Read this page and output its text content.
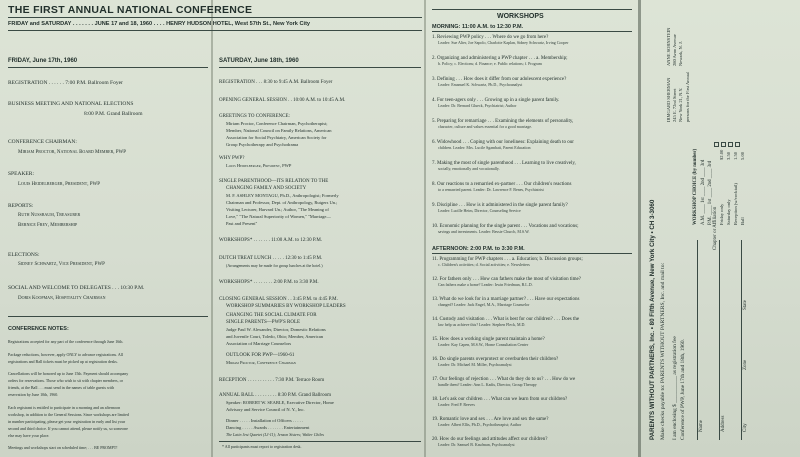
THE FIRST ANNUAL NATIONAL CONFERENCE
FRIDAY and SATURDAY . . . . . . . JUNE 17 and 18, 1960 . . . . HENRY HUDSON HOTEL, West 57th St., New York City
FRIDAY, June 17th, 1960
REGISTRATION . . . . . . 7:00 P.M. Ballroom Foyer
BUSINESS MEETING AND NATIONAL ELECTIONS
8:00 P.M. Grand Ballroom
CONFERENCE CHAIRMAN:
Miriam Proctor, National Board Member, PWP
SPEAKER:
Louis Heidelberger, President, PWP
REPORTS:
Ruth Nussbaum, Treasurer
Bernice Frey, Membership
ELECTIONS:
Sidney Schwartz, Vice President, PWP
SOCIAL AND WELCOME TO DELEGATES . . . 10:30 P.M.
Doris Koopman, Hospitality Chairman
CONFERENCE NOTES:
Registrations accepted for any part of the conference through June 16th.
Package reductions, however, apply ONLY to advance registrations. All
registrations and Ball tickets must be picked up at registration desks.
Cancellations will be honored up to June 15th. Payment should accompany
orders for reservations. Those who wish to sit with chapter members, or
friends, at the Ball . . . must send in the names of table guests with
reservation by June 10th, 1960.
Each registrant is entitled to participate in a morning and an afternoon
workshop, in addition to the General Sessions. Since workshops are limited
in number participating, please get your registration in early and list your
second and third choice. If you cannot attend, please notify us, so someone
else may have your place.
Meetings and workshops start on scheduled time; . . . BE PROMPT!
SATURDAY, June 18th, 1960
REGISTRATION . . . 8:30 to 9:45 A.M. Ballroom Foyer
OPENING GENERAL SESSION . . 10:00 A.M. to 10:45 A.M.
GREETINGS TO CONFERENCE:
Miriam Proctor, Conference Chairman, Psychotherapist;
Member, National Council on Family Relations, American
Association for Social Psychiatry, American Society for
Group Psychotherapy and Psychodrama
WHY PWP?
Louis Heidelberger, President, PWP
SINGLE PARENTHOOD—ITS RELATION TO THE
CHANGING FAMILY AND SOCIETY
M. F. ASHLEY MONTAGU, Ph.D., Anthropologist; Formerly
Chairman and Professor, Dept. of Anthropology, Rutgers Un.;
Visiting Lecturer, Harvard Un.; Author, "The Meaning of
Love," "The Natural Superiority of Women," "Marriage—
Past and Present"
WORKSHOPS* . . . . . . . 11:00 A.M. to 12:30 P.M.
DUTCH TREAT LUNCH . . . . . 12:30 to 1:45 P.M.
(Arrangements may be made for group lunches at the hotel.)
WORKSHOPS* . . . . . . . . 2:00 P.M. to 3:30 P.M.
CLOSING GENERAL SESSION . . 3:45 P.M. to 4:45 P.M.
WORKSHOP SUMMARIES BY WORKSHOP LEADERS
CHANGING THE SOCIAL CLIMATE FOR
SINGLE PARENTS—PWP'S ROLE
Judge Paul W. Alexander, Director, Domestic Relations
and Juvenile Court, Toledo, Ohio; Member, American
Association of Marriage Counselors
OUTLOOK FOR PWP—1960-61
Miriam Proctor, Conference Chairman
RECEPTION . . . . . . . . . . . 7:30 P.M. Terrace Room
ANNUAL BALL . . . . . . . . . 8:30 P.M. Grand Ballroom
Speaker: ROBERT W. SEABLE, Executive Director, Home
Advisory and Service Council of N. Y., Inc.
Dinner . . . . . Installation of Officers . . . . .
Dancing . . . . . Awards . . . . . . . Entertainment
The Latin Jest Quartet (LJ-11); Jenson Sisters; Walter Chiles
* All participants must report to registration desk.
WORKSHOPS
MORNING: 11:00 A.M. to 12:30 P.M.
1. Reviewing PWP policy . . . Where do we go from here?
Leader: Sue Alter, Joe Sapolo, Charlotte Kaplan, Sidney Schwartz, Irving Cooper
2. Organizing and administering a PWP chapter . . . a. Membership;
b. Policy; c. Elections; d. Finance; e. Public relations; f. Program
3. Defining . . . How does it differ from our adolescent experience?
Leader: Emanuel K. Schwartz, Ph.D., Psychoanalyst
4. For teen-agers only . . . Growing up in a single parent family.
Leader: Dr. Bernard Glueck, Psychiatrist; Author
5. Preparing for remarriage . . . Examining the elements of personality,
character, culture and values essential for a good marriage.
6. Widowhood . . . Coping with our loneliness: Explaining death to our
children. Leader: Mrs. Lucile Sgambati, Parent Education
7. Making the most of single parenthood . . . Learning to live creatively,
socially, emotionally and vocationally.
8. Our reactions to a remarried ex-partner . . . Our children's reactions
to a remarried parent. Leader: Dr. Lawrence F. Benes, Psychiatrist
9. Discipline . . . How is it administered in the single parent family?
Leader: Lucille Heim, Director, Counseling Service
10. Economic planning for the single parent . . . Vocations and vocations;
savings and investments. Leader: Bessie Church, M.S.W.
AFTERNOON: 2:00 P.M. to 3:30 P.M.
11. Programming for PWP chapters . . . a. Education; b. Discussion groups;
c. Children's activities; d. Social activities; e. Newsletters
12. For fathers only . . . How can fathers make the most of visitation time?
Can fathers make a home? Leader: Irwin Friedman, B.L.D.
13. What do we look for in a marriage partner? . . . Have our expectations
changed? Leader: Jack Engel, M.A., Marriage Counselor
14. Custody and visitation . . . What is best for our children? . . . Does the
law help us achieve this? Leader: Stephen Fleck, M.D.
15. How does a working single parent maintain a home?
Leader: Kay Capen, M.S.W., Home Consultation Center
16. Do single parents overprotect or overburden their children?
Leader: Dr. Michael M. Miller, Psychoanalyst
17. Our feelings of rejection . . . What do they do to us? . . . How do we
handle them? Leader: Ann L. Kadis, Director, Group Therapy
18. Let's ask our children . . . What can we learn from our children?
Leader: Fred P. Reeves
19. Romantic love and sex . . . Are love and sex the same?
Leader: Albert Ellis, Ph.D., Psychotherapist; Author
20. How do our feelings and attitudes affect our children?
Leader: Dr. Samuel B. Kaufman, Psychoanalyst
PARENTS WITHOUT PARTNERS, Inc. • 80 Fifth Avenue, New York City • CH 3-3060 Make checks payable to: PARENTS WITHOUT PARTNERS, Inc. and mail to: I am enclosing $ __________ as registration fee Conference of PWP, June 17th and 18th, 1960.
IRMGARD SHERMAN 245 E. 72nd Street New York 21, N.Y. persons for the First Annual
ANNE SORNSTEIN 280 Avon Avenue Newark, N. J.
Name	Address	City
Zone
State
Chapter or Affiliation
WORKSHOP CHOICE (by number) A.M. ____ 1st ____ 2nd ____ 3rd P.M. ____ 1st ____ 2nd ____ 3rd Friday only
$2.00
Saturday only
3.50
Reception (w/cocktail)
1.50
Ball
5.00
